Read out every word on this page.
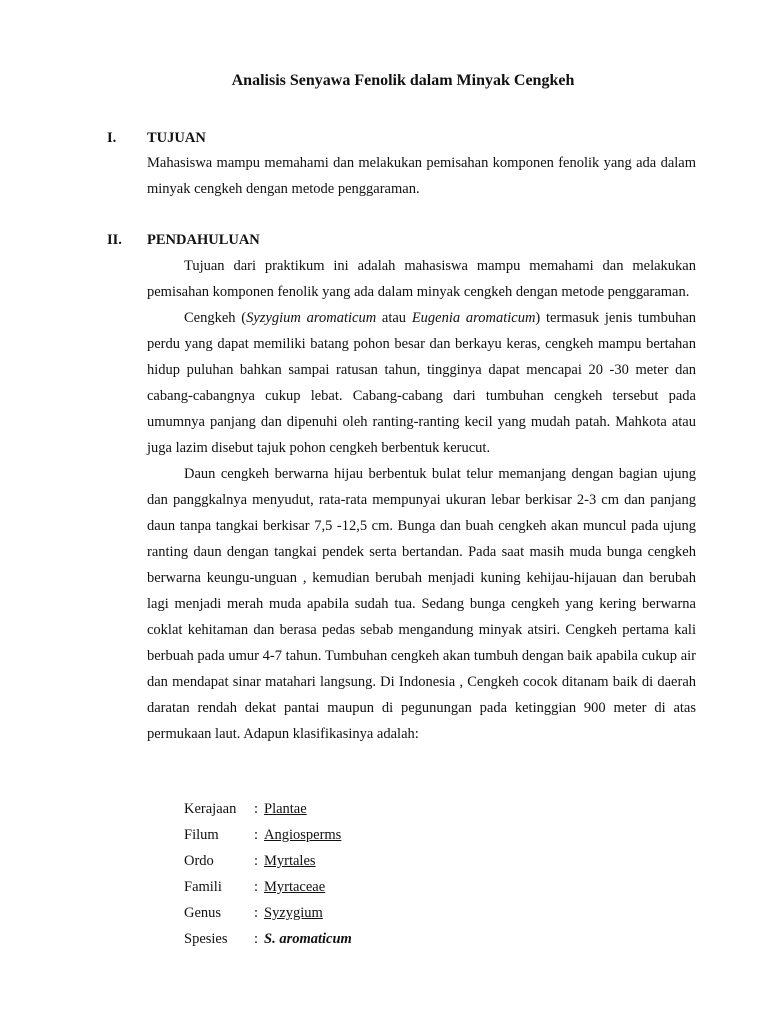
Analisis Senyawa Fenolik dalam Minyak Cengkeh
I. TUJUAN

Mahasiswa mampu memahami dan melakukan pemisahan komponen fenolik yang ada dalam minyak cengkeh dengan metode penggaraman.

II. PENDAHULUAN

Tujuan dari praktikum ini adalah mahasiswa mampu memahami dan melakukan pemisahan komponen fenolik yang ada dalam minyak cengkeh dengan metode penggaraman.

Cengkeh (Syzygium aromaticum atau Eugenia aromaticum) termasuk jenis tumbuhan perdu yang dapat memiliki batang pohon besar dan berkayu keras, cengkeh mampu bertahan hidup puluhan bahkan sampai ratusan tahun, tingginya dapat mencapai 20 -30 meter dan cabang-cabangnya cukup lebat. Cabang-cabang dari tumbuhan cengkeh tersebut pada umumnya panjang dan dipenuhi oleh ranting-ranting kecil yang mudah patah. Mahkota atau juga lazim disebut tajuk pohon cengkeh berbentuk kerucut.

Daun cengkeh berwarna hijau berbentuk bulat telur memanjang dengan bagian ujung dan panggkalnya menyudut, rata-rata mempunyai ukuran lebar berkisar 2-3 cm dan panjang daun tanpa tangkai berkisar 7,5 -12,5 cm. Bunga dan buah cengkeh akan muncul pada ujung ranting daun dengan tangkai pendek serta bertandan. Pada saat masih muda bunga cengkeh berwarna keungu-unguan , kemudian berubah menjadi kuning kehijau-hijauan dan berubah lagi menjadi merah muda apabila sudah tua. Sedang bunga cengkeh yang kering berwarna coklat kehitaman dan berasa pedas sebab mengandung minyak atsiri. Cengkeh pertama kali berbuah pada umur 4-7 tahun. Tumbuhan cengkeh akan tumbuh dengan baik apabila cukup air dan mendapat sinar matahari langsung. Di Indonesia , Cengkeh cocok ditanam baik di daerah daratan rendah dekat pantai maupun di pegunungan pada ketinggian 900 meter di atas permukaan laut. Adapun klasifikasinya adalah:

Kerajaan	: Plantae
Filum	: Angiosperms
Ordo	: Myrtales
Famili	: Myrtaceae
Genus	: Syzygium
Spesies	: S. aromaticum
